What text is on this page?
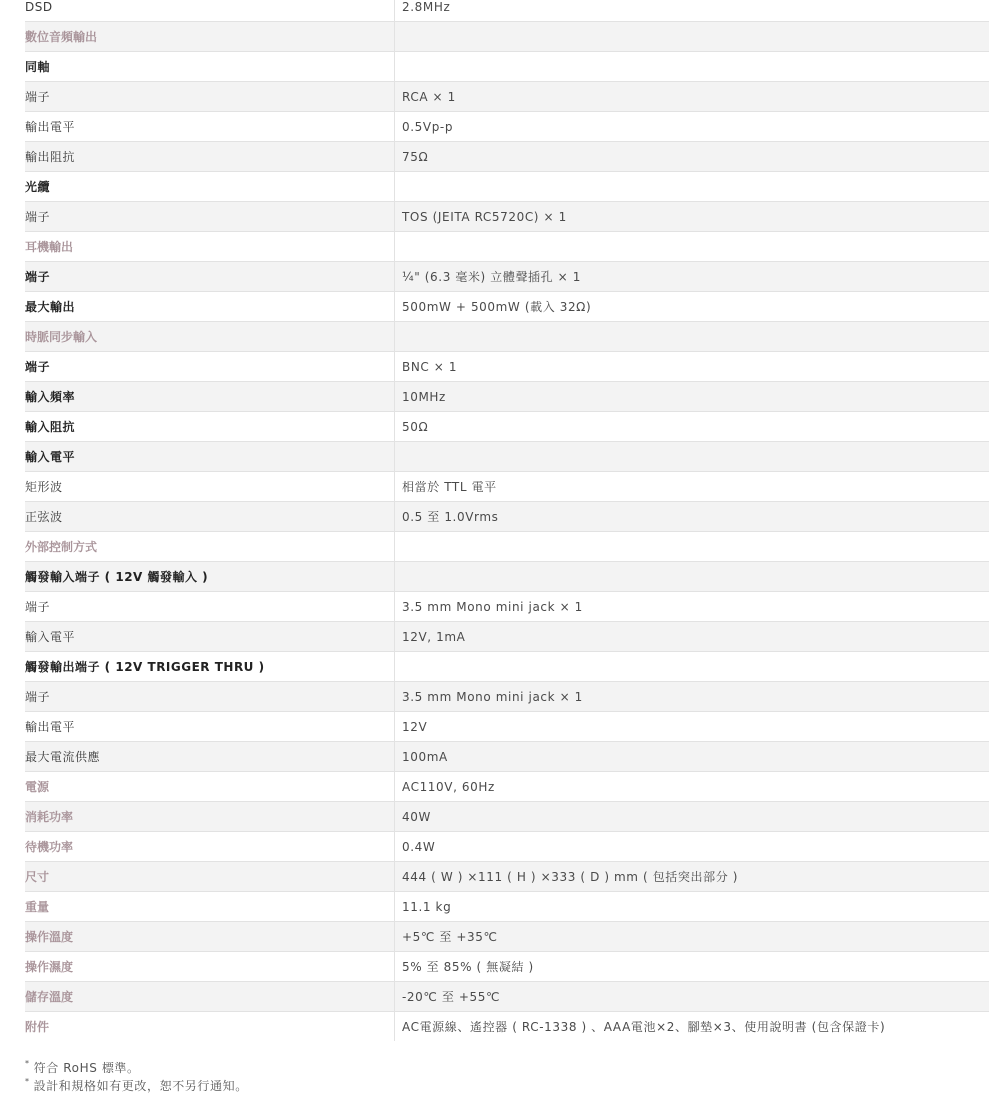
DSD	2.8MHz
數位音頻輸出	
同軸	
端子	RCA × 1
輸出電平	0.5Vp-p
輸出阻抗	75Ω
光纜	
端子	TOS (JEITA RC5720C) × 1
耳機輸出	
端子	¼" (6.3 毫米) 立體聲插孔 × 1
最大輸出	500mW + 500mW (載入 32Ω)
時脈同步輸入	
端子	BNC × 1
輸入頻率	10MHz
輸入阻抗	50Ω
輸入電平	
矩形波	相當於 TTL 電平
正弦波	0.5 至 1.0Vrms
外部控制方式	
觸發輸入端子 ( 12V 觸發輸入 )	
端子	3.5 mm Mono mini jack × 1
輸入電平	12V, 1mA
觸發輸出端子 ( 12V TRIGGER THRU )	
端子	3.5 mm Mono mini jack × 1
輸出電平	12V
最大電流供應	100mA
電源	AC110V, 60Hz
消耗功率	40W
待機功率	0.4W
尺寸	444 ( W ) ×111 ( H ) ×333 ( D ) mm ( 包括突出部分 )
重量	11.1 kg
操作溫度	+5℃ 至 +35℃
操作濕度	5% 至 85% ( 無凝結 )
儲存溫度	-20℃ 至 +55℃
附件	AC電源線、遙控器 ( RC-1338 ) 、AAA電池×2、腳墊×3、使用說明書 (包含保證卡)
* 符合 RoHS 標準。
* 設計和規格如有更改，恕不另行通知。
